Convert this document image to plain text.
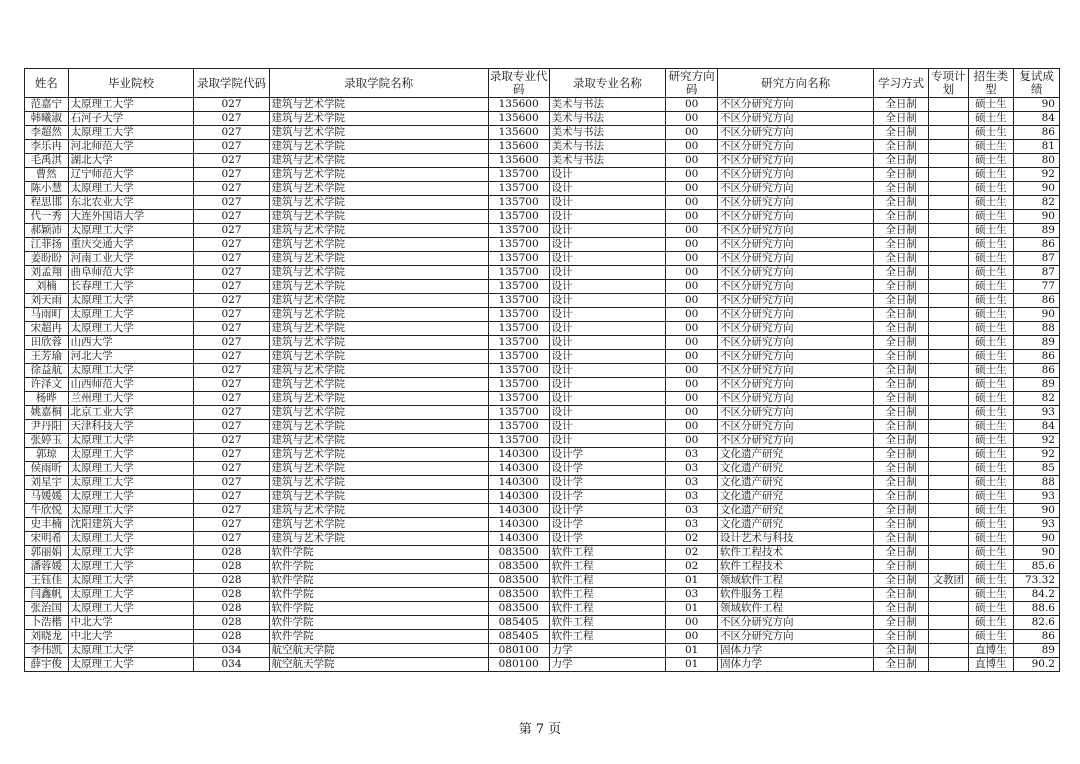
姓名	毕业院校	录取学院代码	录取学院名称	录取专业代码	录取专业名称	研究方向码	研究方向名称	学习方式	专项计划	招生类型	复试成绩
范嘉宁	太原理工大学	027	建筑与艺术学院	135600	美术与书法	00	不区分研究方向	全日制		硕士生	90
韩曦淑	石河子大学	027	建筑与艺术学院	135600	美术与书法	00	不区分研究方向	全日制		硕士生	84
李超然	太原理工大学	027	建筑与艺术学院	135600	美术与书法	00	不区分研究方向	全日制		硕士生	86
李乐冉	河北师范大学	027	建筑与艺术学院	135600	美术与书法	00	不区分研究方向	全日制		硕士生	81
毛禹淇	湖北大学	027	建筑与艺术学院	135600	美术与书法	00	不区分研究方向	全日制		硕士生	80
曹然	辽宁师范大学	027	建筑与艺术学院	135700	设计	00	不区分研究方向	全日制		硕士生	92
陈小慧	太原理工大学	027	建筑与艺术学院	135700	设计	00	不区分研究方向	全日制		硕士生	90
程思邯	东北农业大学	027	建筑与艺术学院	135700	设计	00	不区分研究方向	全日制		硕士生	82
代一秀	大连外国语大学	027	建筑与艺术学院	135700	设计	00	不区分研究方向	全日制		硕士生	90
郝颖沛	太原理工大学	027	建筑与艺术学院	135700	设计	00	不区分研究方向	全日制		硕士生	89
江菲扬	重庆交通大学	027	建筑与艺术学院	135700	设计	00	不区分研究方向	全日制		硕士生	86
姜盼盼	河南工业大学	027	建筑与艺术学院	135700	设计	00	不区分研究方向	全日制		硕士生	87
刘孟翔	曲阜师范大学	027	建筑与艺术学院	135700	设计	00	不区分研究方向	全日制		硕士生	87
刘楠	长春理工大学	027	建筑与艺术学院	135700	设计	00	不区分研究方向	全日制		硕士生	77
刘天雨	太原理工大学	027	建筑与艺术学院	135700	设计	00	不区分研究方向	全日制		硕士生	86
马雨町	太原理工大学	027	建筑与艺术学院	135700	设计	00	不区分研究方向	全日制		硕士生	90
宋超冉	太原理工大学	027	建筑与艺术学院	135700	设计	00	不区分研究方向	全日制		硕士生	88
田欣蓉	山西大学	027	建筑与艺术学院	135700	设计	00	不区分研究方向	全日制		硕士生	89
王芳瑜	河北大学	027	建筑与艺术学院	135700	设计	00	不区分研究方向	全日制		硕士生	86
徐益航	太原理工大学	027	建筑与艺术学院	135700	设计	00	不区分研究方向	全日制		硕士生	86
许泽文	山西师范大学	027	建筑与艺术学院	135700	设计	00	不区分研究方向	全日制		硕士生	89
杨晔	兰州理工大学	027	建筑与艺术学院	135700	设计	00	不区分研究方向	全日制		硕士生	82
姚嘉桐	北京工业大学	027	建筑与艺术学院	135700	设计	00	不区分研究方向	全日制		硕士生	93
尹丹阳	天津科技大学	027	建筑与艺术学院	135700	设计	00	不区分研究方向	全日制		硕士生	84
张婷玉	太原理工大学	027	建筑与艺术学院	135700	设计	00	不区分研究方向	全日制		硕士生	92
郭琼	太原理工大学	027	建筑与艺术学院	140300	设计学	03	文化遗产研究	全日制		硕士生	92
侯雨昕	太原理工大学	027	建筑与艺术学院	140300	设计学	03	文化遗产研究	全日制		硕士生	85
刘星宇	太原理工大学	027	建筑与艺术学院	140300	设计学	03	文化遗产研究	全日制		硕士生	88
马媛媛	太原理工大学	027	建筑与艺术学院	140300	设计学	03	文化遗产研究	全日制		硕士生	93
牛欣悦	太原理工大学	027	建筑与艺术学院	140300	设计学	03	文化遗产研究	全日制		硕士生	90
史丰楠	沈阳建筑大学	027	建筑与艺术学院	140300	设计学	03	文化遗产研究	全日制		硕士生	93
宋明希	太原理工大学	027	建筑与艺术学院	140300	设计学	02	设计艺术与科技	全日制		硕士生	90
郭丽娟	太原理工大学	028	软件学院	083500	软件工程	02	软件工程技术	全日制		硕士生	90
潘蓉媛	太原理工大学	028	软件学院	083500	软件工程	02	软件工程技术	全日制		硕士生	85.6
王钰佳	太原理工大学	028	软件学院	083500	软件工程	01	领域软件工程	全日制	文教团	硕士生	73.32
闫鑫帆	太原理工大学	028	软件学院	083500	软件工程	03	软件服务工程	全日制		硕士生	84.2
张治国	太原理工大学	028	软件学院	083500	软件工程	01	领域软件工程	全日制		硕士生	88.6
卜浩楷	中北大学	028	软件学院	085405	软件工程	00	不区分研究方向	全日制		硕士生	82.6
刘晓龙	中北大学	028	软件学院	085405	软件工程	00	不区分研究方向	全日制		硕士生	86
李伟凯	太原理工大学	034	航空航天学院	080100	力学	01	固体力学	全日制		直博生	89
薛宇俊	太原理工大学	034	航空航天学院	080100	力学	01	固体力学	全日制		直博生	90.2
第 7 页
